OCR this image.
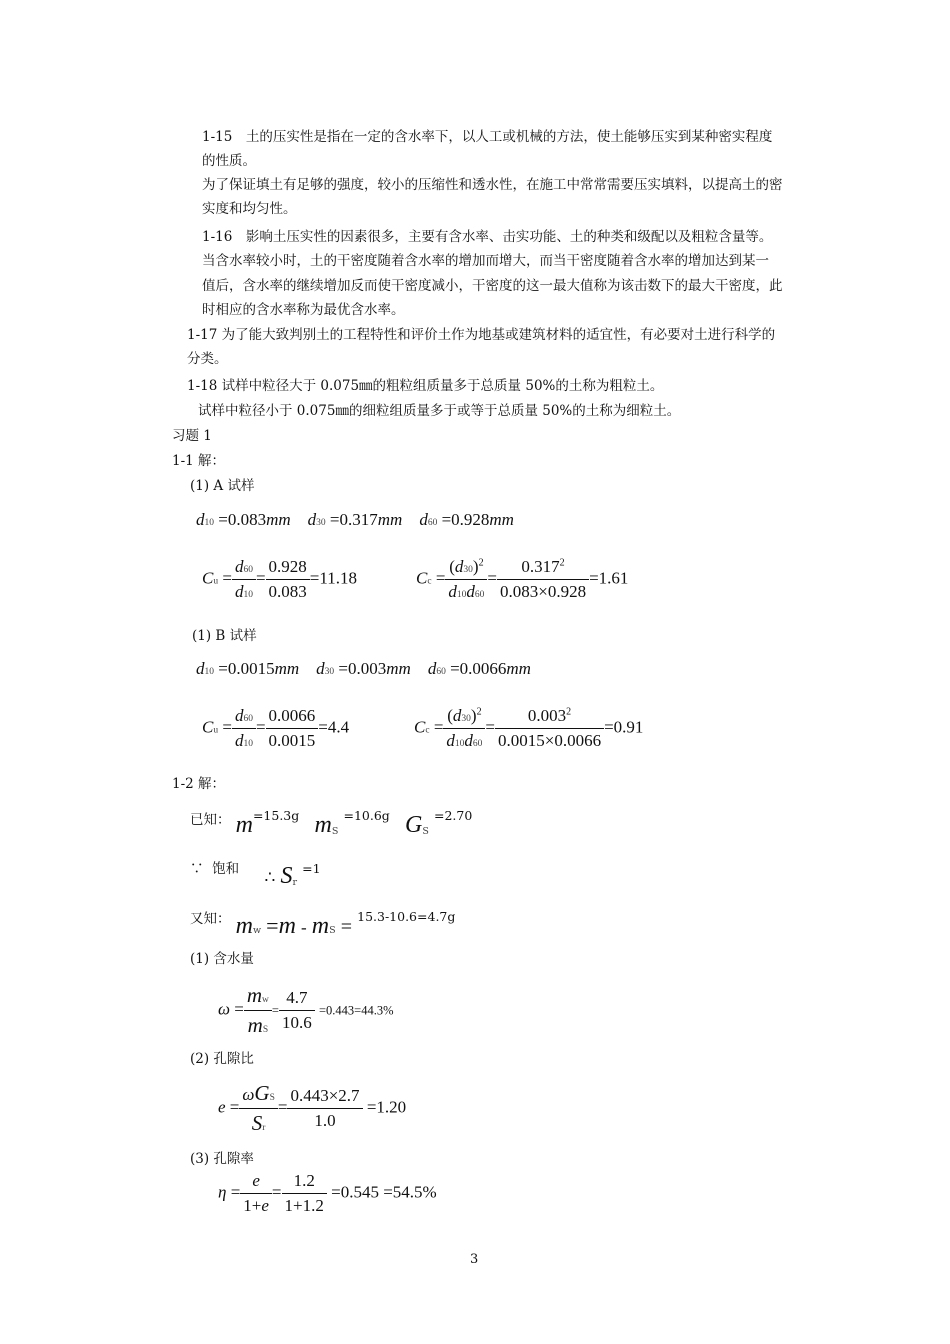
1-15　土的压实性是指在一定的含水率下，以人工或机械的方法，使土能够压实到某种密实程度
的性质。
为了保证填土有足够的强度，较小的压缩性和透水性，在施工中常常需要压实填料，以提高土的密
实度和均匀性。
1-16　影响土压实性的因素很多，主要有含水率、击实功能、土的种类和级配以及粗粒含量等。
当含水率较小时，土的干密度随着含水率的增加而增大，而当干密度随着含水率的增加达到某一
值后，含水率的继续增加反而使干密度减小，干密度的这一最大值称为该击数下的最大干密度，此
时相应的含水率称为最优含水率。
1-17 为了能大致判别土的工程特性和评价土作为地基或建筑材料的适宜性，有必要对土进行科学的
分类。
1-18 试样中粒径大于 0.075㎜的粗粒组质量多于总质量 50%的土称为粗粒土。
试样中粒径小于 0.075㎜的细粒组质量多于或等于总质量 50%的土称为细粒土。
习题 1
1-1 解：
(1) A 试样
d10 =0.083mm d30 =0.317mm d60 =0.928mm
$Cu = \frac{d60}{d10} = \frac{0.928}{0.083} =11.18$	$Cc = \frac{(d30)^2}{d10d60} = \frac{0.317^2}{0.083\times 0.928} =1.61$
(1) B 试样
d10 =0.0015mm d30 =0.003mm d60 =0.0066mm
$Cu = \frac{d60}{d10} = \frac{0.0066}{0.0015} =4.4$	$Cc = \frac{(d30)^2}{d10d60} = \frac{0.003^2}{0.0015\times 0.0066} =0.91$
1-2 解：
已知： $m^{=15.3g}$ $m_S$ $^{=10.6g}$ $G_S$ $^{=2.70}$
∵  饱和 ∴ $S_r =1$
又知： mw =m - mS = 15.3-10.6=4.7g
(1) 含水量
$\omega = \frac{mw}{mS} = \frac{4.7}{10.6} =0.443=44.3\%$
(2) 孔隙比
$e = \frac{\text{ωGS}}{Sr} = \frac{0.443\times 2.7}{1.0} =1.20$
(3) 孔隙率
$\eta = \frac{e}{1+e} = \frac{1.2}{1+1.2} =0.545 =54.5\%$
3
